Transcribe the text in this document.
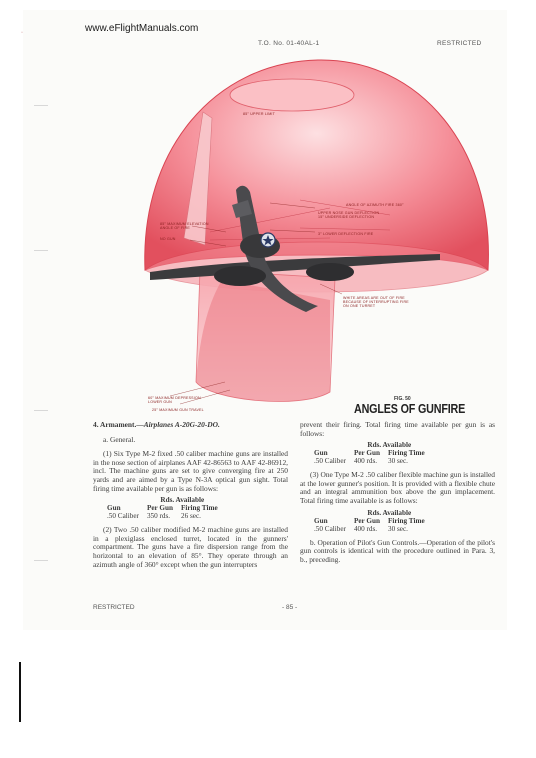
·	www.eFlightManuals.com
T.O. No. 01-40AL-1	RESTRICTED
85° UPPER LIMIT
ANGLE OF AZIMUTH FIRE 360°
85° MAXIMUM ELEVATION
ANGLE OF FIRE
NO GUN
UPPER NOSE GUN DEFLECTION
15° UNDERSIDE DEFLECTION
3° LOWER DEFLECTION FIRE
WHITE AREAS ARE OUT OF FIRE
BECAUSE OF INTERRUPTING FIRE
ON ONE TURRET
60° MAXIMUM DEPRESSION
LOWER GUN
25° MAXIMUM GUN TRAVEL
FIG. 50
ANGLES OF GUNFIRE

4. Armament.—Airplanes A-20G-20-DO.

a. General.

(1) Six Type M-2 fixed .50 caliber machine guns are installed in the nose section of airplanes AAF 42-86563 to AAF 42-86912, incl. The machine guns are set to give converging fire at 250 yards and are aimed by a Type N-3A optical gun sight. Total firing time available per gun is as follows:

	Rds. Available	
Gun	Per Gun	Firing Time
.50 Caliber	350 rds.	26 sec.

(2) Two .50 caliber modified M-2 machine guns are installed in a plexiglass enclosed turret, located in the gunners' compartment. The guns have a fire dispersion range from the horizontal to an elevation of 85°. They operate through an azimuth angle of 360° except when the gun interrupters

prevent their firing. Total firing time available per gun is as follows:

	Rds. Available	
Gun	Per Gun	Firing Time
.50 Caliber	400 rds.	30 sec.

(3) One Type M-2 .50 caliber flexible machine gun is installed at the lower gunner's position. It is provided with a flexible chute and an integral ammunition box above the gun implacement. Total firing time available is as follows:

	Rds. Available	
Gun	Per Gun	Firing Time
.50 Caliber	400 rds.	30 sec.

b. Operation of Pilot's Gun Controls.—Operation of the pilot's gun controls is identical with the procedure outlined in Para. 3, b., preceding.

RESTRICTED	- 85 -
